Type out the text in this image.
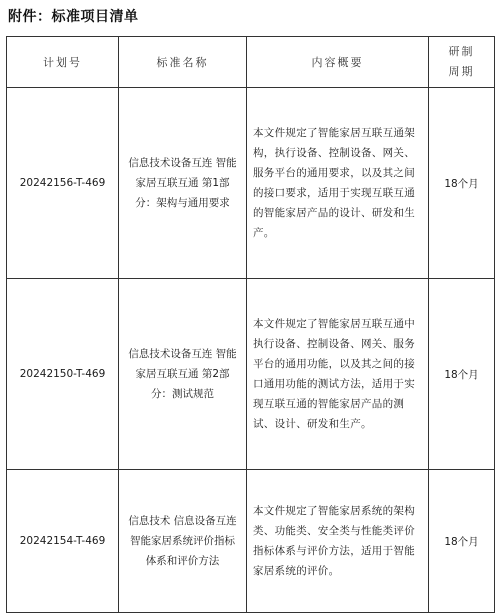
附件：标准项目清单
计划号	标准名称	内容概要	研制
周期

20242156-T-469	信息技术设备互连 智能家居互联互通 第1部分：架构与通用要求	本文件规定了智能家居互联互通架构，执行设备、控制设备、网关、服务平台的通用要求，以及其之间的接口要求，适用于实现互联互通的智能家居产品的设计、研发和生产。	18个月
20242150-T-469	信息技术设备互连 智能家居互联互通 第2部分：测试规范	本文件规定了智能家居互联互通中执行设备、控制设备、网关、服务平台的通用功能，以及其之间的接口通用功能的测试方法，适用于实现互联互通的智能家居产品的测试、设计、研发和生产。	18个月
20242154-T-469	信息技术 信息设备互连 智能家居系统评价指标体系和评价方法	本文件规定了智能家居系统的架构类、功能类、安全类与性能类评价指标体系与评价方法，适用于智能家居系统的评价。	18个月
